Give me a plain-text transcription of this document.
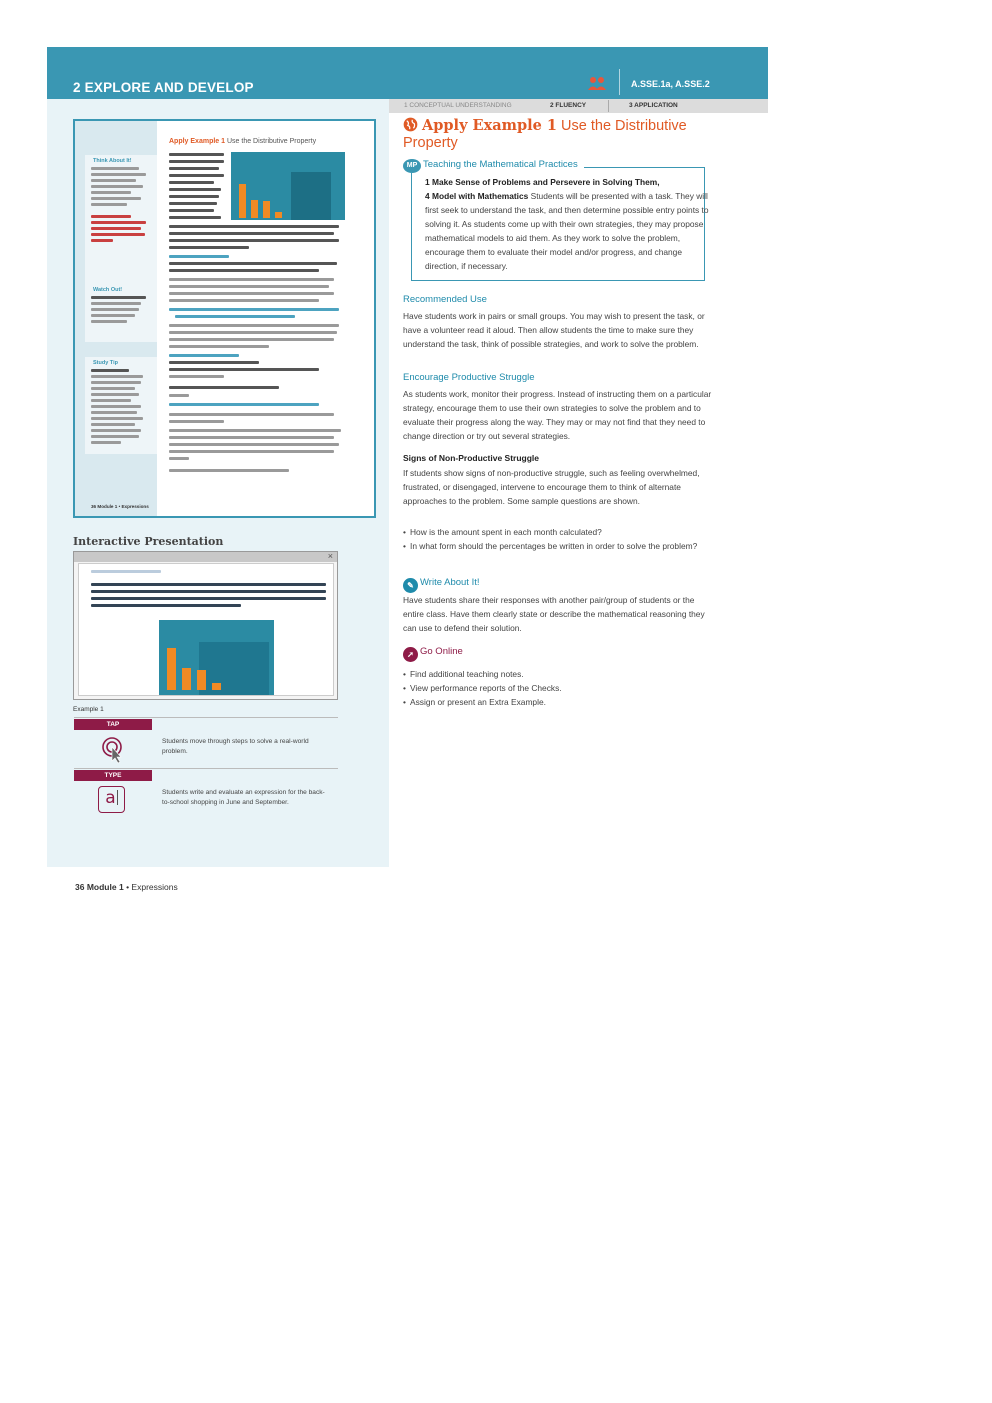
2 EXPLORE AND DEVELOP	A.SSE.1a, A.SSE.2
1 CONCEPTUAL UNDERSTANDING	2 FLUENCY	3 APPLICATION
Think About It!
Watch Out!
Study Tip
Apply Example 1 Use the Distributive Property
36 Module 1 • Expressions
Interactive Presentation
×
Example 1
TAP
Students move through steps to solve a real-world problem.
TYPE
a	Students write and evaluate an expression for the back-to-school shopping in June and September.
36 Module 1 • Expressions
Apply Example 1 Use the Distributive Property
MP Teaching the Mathematical Practices
1 Make Sense of Problems and Persevere in Solving Them,
4 Model with Mathematics Students will be presented with a task. They will first seek to understand the task, and then determine possible entry points to solving it. As students come up with their own strategies, they may propose mathematical models to aid them. As they work to solve the problem, encourage them to evaluate their model and/or progress, and change direction, if necessary.
Recommended Use
Have students work in pairs or small groups. You may wish to present the task, or have a volunteer read it aloud. Then allow students the time to make sure they understand the task, think of possible strategies, and work to solve the problem.
Encourage Productive Struggle
As students work, monitor their progress. Instead of instructing them on a particular strategy, encourage them to use their own strategies to solve the problem and to evaluate their progress along the way. They may or may not find that they need to change direction or try out several strategies.
Signs of Non-Productive Struggle
If students show signs of non-productive struggle, such as feeling overwhelmed, frustrated, or disengaged, intervene to encourage them to think of alternate approaches to the problem. Some sample questions are shown.
• How is the amount spent in each month calculated?
• In what form should the percentages be written in order to solve the problem?
✎ Write About It!
Have students share their responses with another pair/group of students or the entire class. Have them clearly state or describe the mathematical reasoning they can use to defend their solution.
➚ Go Online
• Find additional teaching notes.
• View performance reports of the Checks.
• Assign or present an Extra Example.
